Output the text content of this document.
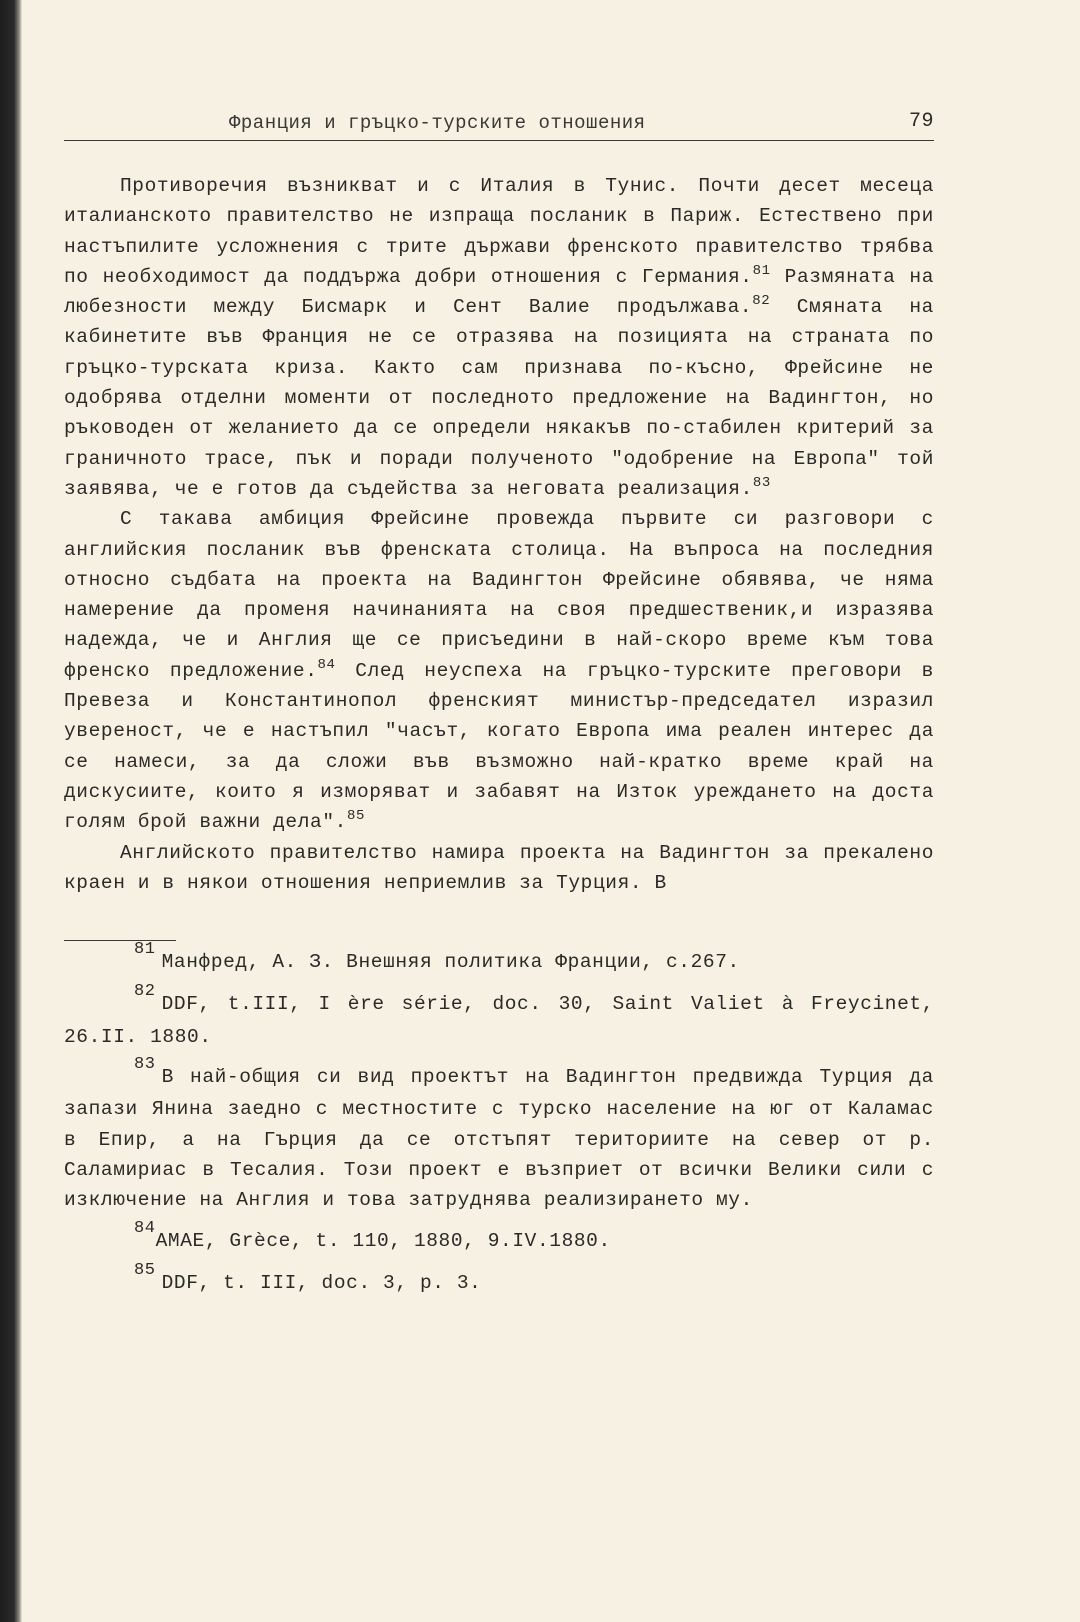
Франция и гръцко-турските отношения	79

Противоречия възникват и с Италия в Тунис. Почти десет месеца италианското правителство не изпраща посланик в Париж. Естествено при настъпилите усложнения с трите държави френското правителство трябва по необходимост да поддържа добри отношения с Германия.$^{81}$ Размяната на любезности между Бисмарк и Сент Валие продължава.$^{82}$ Смяната на кабинетите във Франция не се отразява на позицията на страната по гръцко-турската криза. Както сам признава по-късно, Фрейсине не одобрява отделни моменти от последното предложение на Вадингтон, но ръководен от желанието да се определи някакъв по-стабилен критерий за граничното трасе, пък и поради полученото "одобрение на Европа" той заявява, че е готов да съдейства за неговата реализация.$^{83}$

С такава амбиция Фрейсине провежда първите си разговори с английския посланик във френската столица. На въпроса на последния относно съдбата на проекта на Вадингтон Фрейсине обявява, че няма намерение да променя начинанията на своя предшественик,и изразява надежда, че и Англия ще се присъедини в най-скоро време към това френско предложение.$^{84}$ След неуспеха на гръцко-турските преговори в Превеза и Константинопол френският министър-председател изразил увереност, че е настъпил "часът, когато Европа има реален интерес да се намеси, за да сложи във възможно най-кратко време край на дискусиите, които я изморяват и забавят на Изток уреждането на доста голям брой важни дела".$^{85}$

Английското правителство намира проекта на Вадингтон за прекалено краен и в някои отношения неприемлив за Турция. В

81Манфред, А. З. Внешняя политика Франции, с.267.

82DDF, t.III, I ère série, doc. 30, Saint Valiet à Freycinet, 26.II. 1880.

83В най-общия си вид проектът на Вадингтон предвижда Турция да запази Янина заедно с местностите с турско население на юг от Каламас в Епир, а на Гърция да се отстъпят териториите на север от р. Саламириас в Тесалия. Този проект е възприет от всички Велики сили с изключение на Англия и това затруднява реализирането му.

84AMAE, Grèce, t. 110, 1880, 9.IV.1880.

85DDF, t. III, doc. 3, p. 3.
